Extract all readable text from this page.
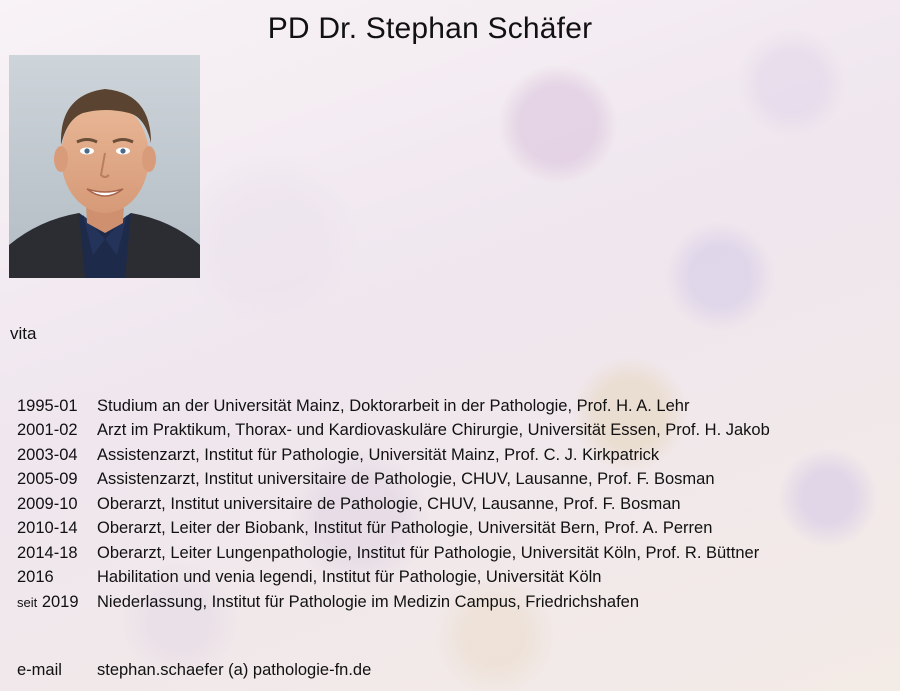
PD Dr. Stephan Schäfer
vita
1995-01	Studium an der Universität Mainz, Doktorarbeit in der Pathologie, Prof. H. A. Lehr
2001-02	Arzt im Praktikum, Thorax- und Kardiovaskuläre Chirurgie, Universität Essen, Prof. H. Jakob
2003-04	Assistenzarzt, Institut für Pathologie, Universität Mainz, Prof. C. J. Kirkpatrick
2005-09	Assistenzarzt, Institut universitaire de Pathologie, CHUV, Lausanne, Prof. F. Bosman
2009-10	Oberarzt, Institut universitaire de Pathologie, CHUV, Lausanne, Prof. F. Bosman
2010-14	Oberarzt, Leiter der Biobank, Institut für Pathologie, Universität Bern, Prof. A. Perren
2014-18	Oberarzt, Leiter Lungenpathologie, Institut für Pathologie, Universität Köln, Prof. R. Büttner
2016	Habilitation und venia legendi, Institut für Pathologie, Universität Köln
seit 2019	Niederlassung, Institut für Pathologie im Medizin Campus, Friedrichshafen
e-mail	stephan.schaefer (a) pathologie-fn.de
